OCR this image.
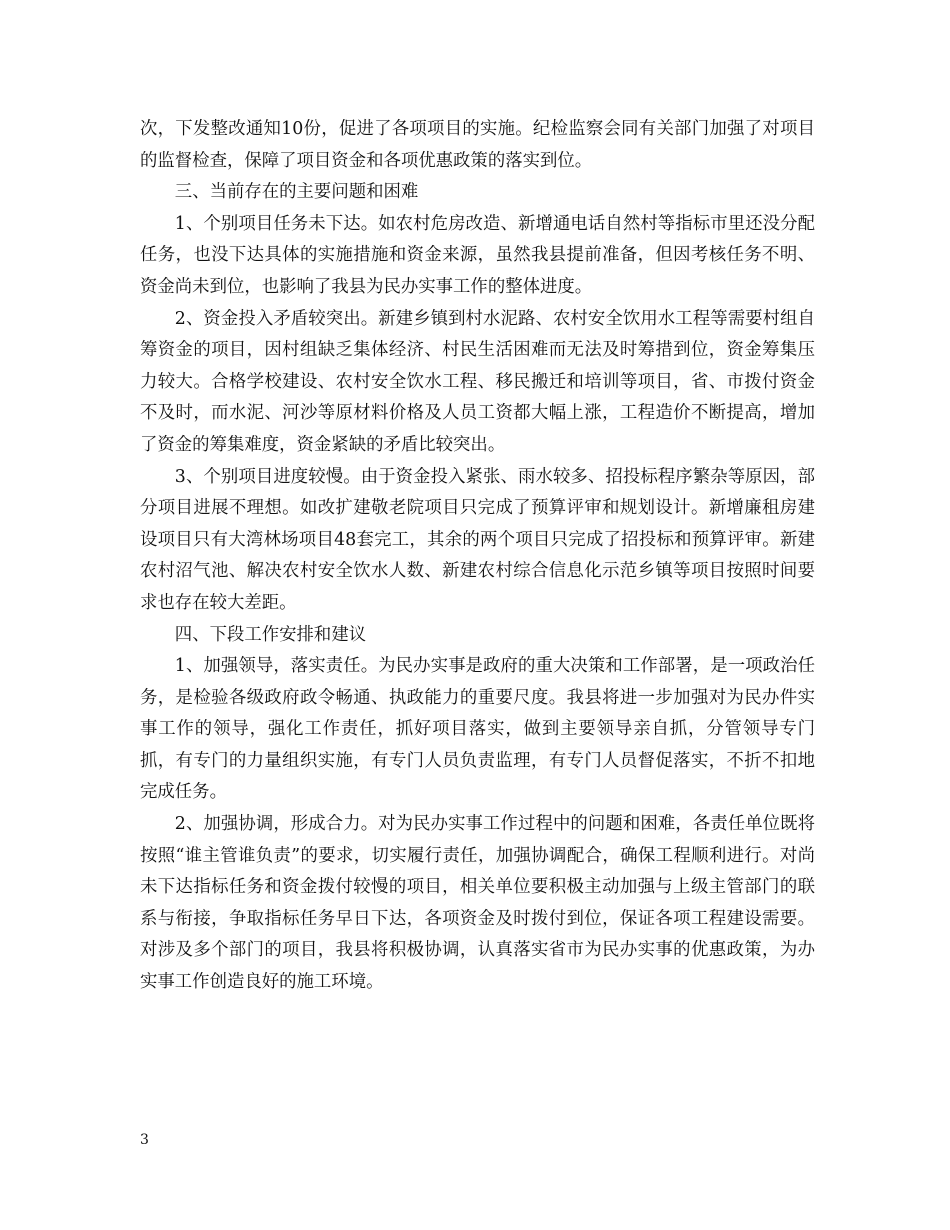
次，下发整改通知10份，促进了各项项目的实施。纪检监察会同有关部门加强了对项目的监督检查，保障了项目资金和各项优惠政策的落实到位。

三、当前存在的主要问题和困难

1、个别项目任务未下达。如农村危房改造、新增通电话自然村等指标市里还没分配任务，也没下达具体的实施措施和资金来源，虽然我县提前准备，但因考核任务不明、资金尚未到位，也影响了我县为民办实事工作的整体进度。

2、资金投入矛盾较突出。新建乡镇到村水泥路、农村安全饮用水工程等需要村组自筹资金的项目，因村组缺乏集体经济、村民生活困难而无法及时筹措到位，资金筹集压力较大。合格学校建设、农村安全饮水工程、移民搬迁和培训等项目，省、市拨付资金不及时，而水泥、河沙等原材料价格及人员工资都大幅上涨，工程造价不断提高，增加了资金的筹集难度，资金紧缺的矛盾比较突出。

3、个别项目进度较慢。由于资金投入紧张、雨水较多、招投标程序繁杂等原因，部分项目进展不理想。如改扩建敬老院项目只完成了预算评审和规划设计。新增廉租房建设项目只有大湾林场项目48套完工，其余的两个项目只完成了招投标和预算评审。新建农村沼气池、解决农村安全饮水人数、新建农村综合信息化示范乡镇等项目按照时间要求也存在较大差距。

四、下段工作安排和建议

1、加强领导，落实责任。为民办实事是政府的重大决策和工作部署，是一项政治任务，是检验各级政府政令畅通、执政能力的重要尺度。我县将进一步加强对为民办件实事工作的领导，强化工作责任，抓好项目落实，做到主要领导亲自抓，分管领导专门抓，有专门的力量组织实施，有专门人员负责监理，有专门人员督促落实，不折不扣地完成任务。

2、加强协调，形成合力。对为民办实事工作过程中的问题和困难，各责任单位既将按照“谁主管谁负责”的要求，切实履行责任，加强协调配合，确保工程顺利进行。对尚未下达指标任务和资金拨付较慢的项目，相关单位要积极主动加强与上级主管部门的联系与衔接，争取指标任务早日下达，各项资金及时拨付到位，保证各项工程建设需要。对涉及多个部门的项目，我县将积极协调，认真落实省市为民办实事的优惠政策，为办实事工作创造良好的施工环境。

3
